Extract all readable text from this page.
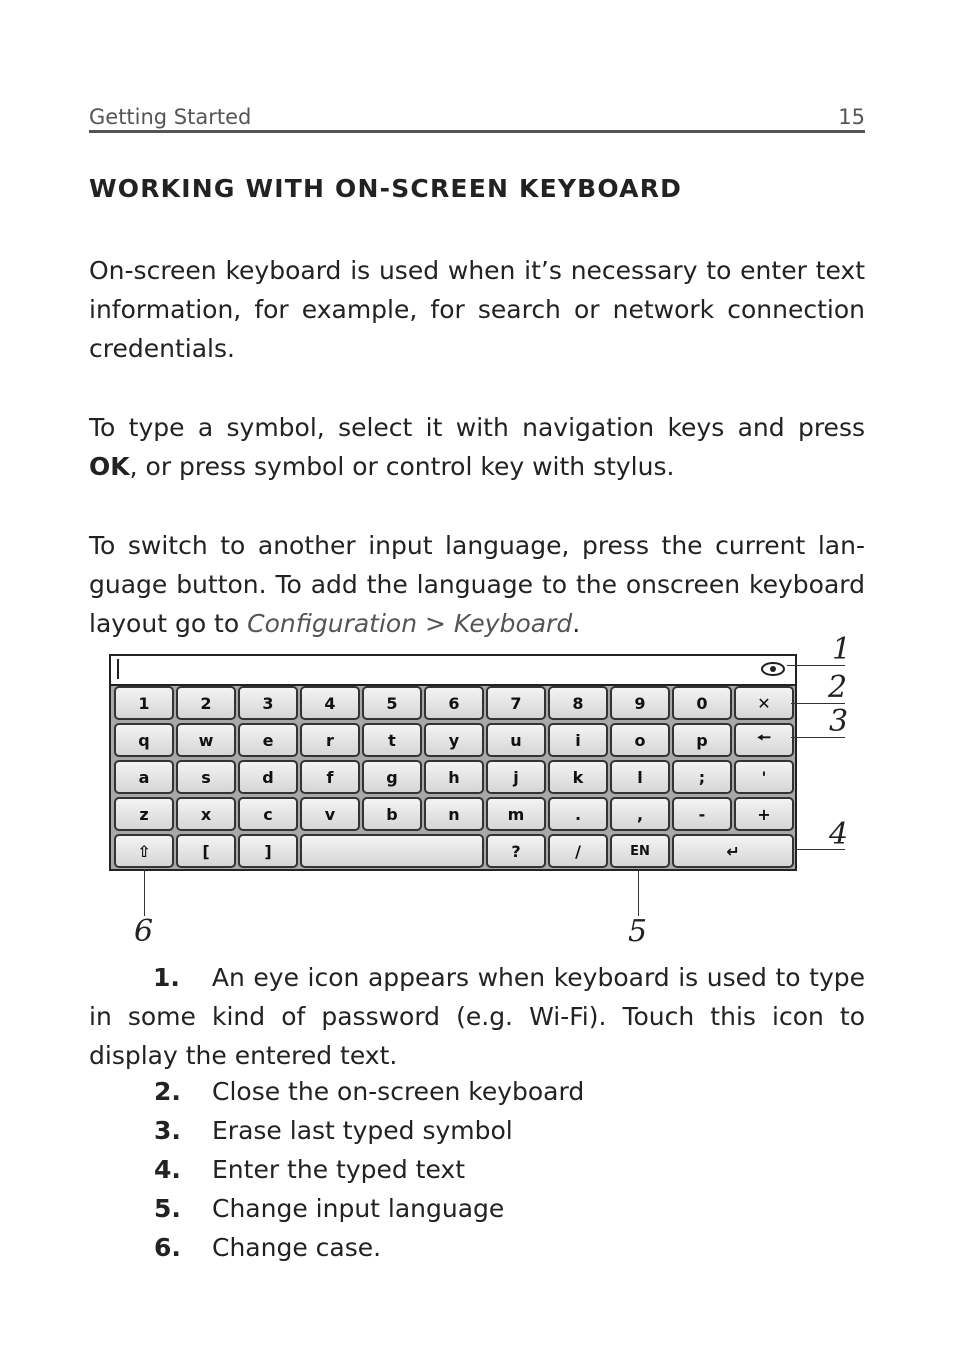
Getting Started	15
WORKING WITH ON-SCREEN KEYBOARD
On-screen keyboard is used when it’s necessary to enter text information, for example, for search or network connection credentials.
To type a symbol, select it with navigation keys and press OK, or press symbol or control key with stylus.
To switch to another input language, press the current lan-guage button. To add the language to the onscreen keyboard layout go to Configuration > Keyboard.
1	2	3	4	5	6	7	8	9	0	✕
q	w	e	r	t	y	u	i	o	p	🠔
a	s	d	f	g	h	j	k	l	;	'
z	x	c	v	b	n	m	.	,	-	+
⇧	[	]	?	/	EN	↵
1
2
3
4
5
6
1. An eye icon appears when keyboard is used to type in some kind of password (e.g. Wi-Fi). Touch this icon to display the entered text.
2. Close the on-screen keyboard
3. Erase last typed symbol
4. Enter the typed text
5. Change input language
6. Change case.
